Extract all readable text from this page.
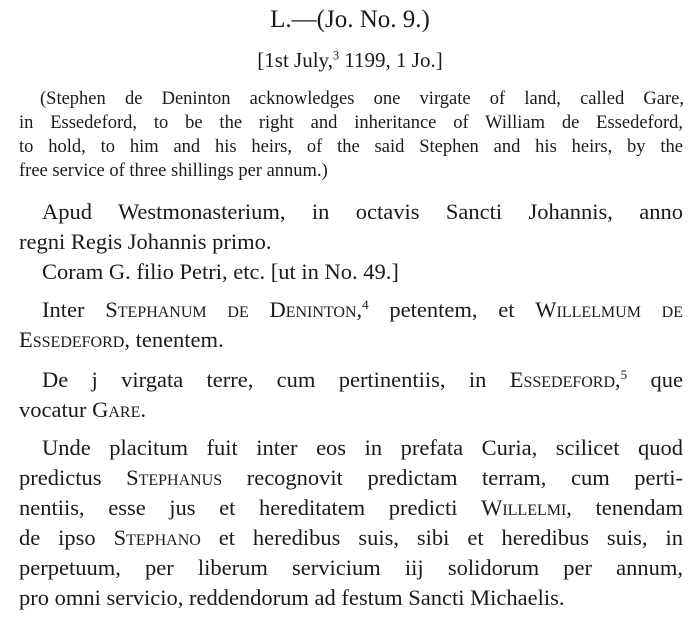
L.—(Jo. No. 9.)
[1st July,$^3$ 1199, 1 Jo.]
(Stephen de Deninton acknowledges one virgate of land, called Gare,
in Essedeford, to be the right and inheritance of William de Essedeford,
to hold, to him and his heirs, of the said Stephen and his heirs, by the
free service of three shillings per annum.)
Apud Westmonasterium, in octavis Sancti Johannis, anno
regni Regis Johannis primo.
Coram G. filio Petri, etc. [ut in No. 49.]
Inter Stephanum de Deninton,$^4$ petentem, et Willelmum de
Essedeford, tenentem.
De j virgata terre, cum pertinentiis, in Essedeford,$^5$ que
vocatur Gare.
Unde placitum fuit inter eos in prefata Curia, scilicet quod
predictus Stephanus recognovit predictam terram, cum perti-
nentiis, esse jus et hereditatem predicti Willelmi, tenendam
de ipso Stephano et heredibus suis, sibi et heredibus suis, in
perpetuum, per liberum servicium iij solidorum per annum,
pro omni servicio, reddendorum ad festum Sancti Michaelis.
